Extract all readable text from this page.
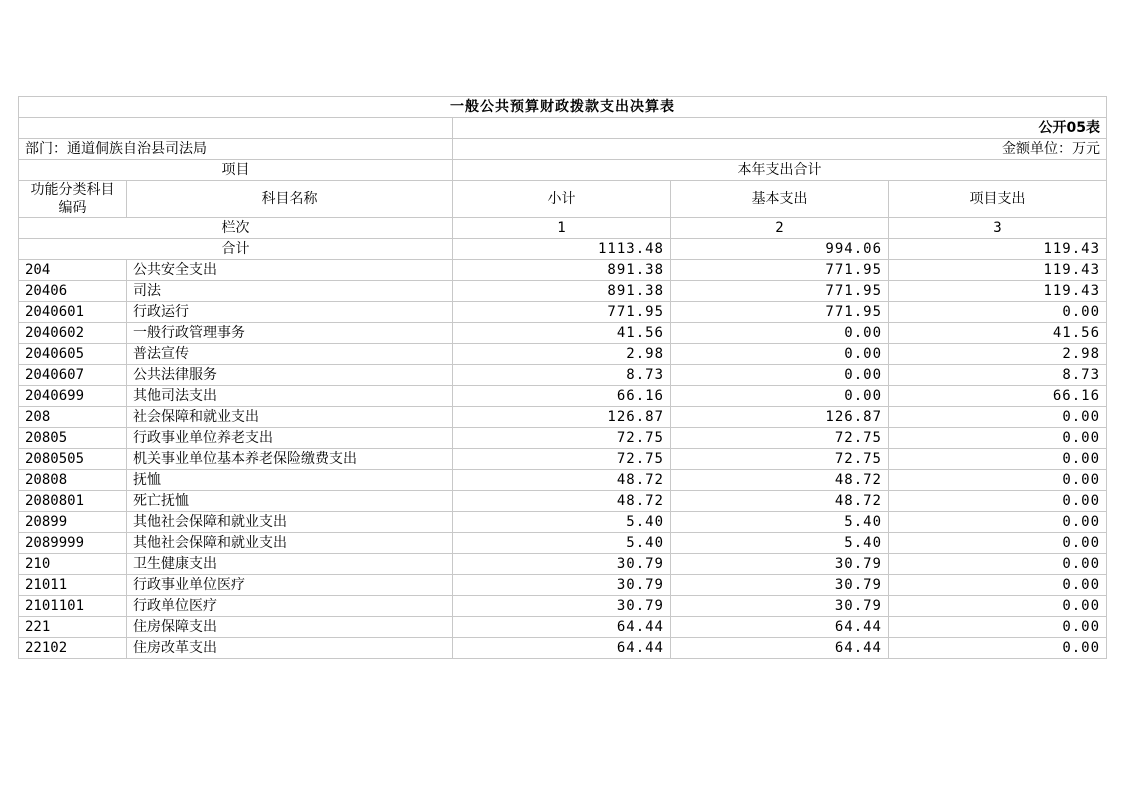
一般公共预算财政拨款支出决算表				
		公开05表		
部门：通道侗族自治县司法局		金额单位：万元		
项目		本年支出合计		
功能分类科目编码	科目名称	小计	基本支出	项目支出
栏次		1	2	3
合计		1113.48	994.06	119.43
204	公共安全支出	891.38	771.95	119.43
20406	司法	891.38	771.95	119.43
2040601	行政运行	771.95	771.95	0.00
2040602	一般行政管理事务	41.56	0.00	41.56
2040605	普法宣传	2.98	0.00	2.98
2040607	公共法律服务	8.73	0.00	8.73
2040699	其他司法支出	66.16	0.00	66.16
208	社会保障和就业支出	126.87	126.87	0.00
20805	行政事业单位养老支出	72.75	72.75	0.00
2080505	机关事业单位基本养老保险缴费支出	72.75	72.75	0.00
20808	抚恤	48.72	48.72	0.00
2080801	死亡抚恤	48.72	48.72	0.00
20899	其他社会保障和就业支出	5.40	5.40	0.00
2089999	其他社会保障和就业支出	5.40	5.40	0.00
210	卫生健康支出	30.79	30.79	0.00
21011	行政事业单位医疗	30.79	30.79	0.00
2101101	行政单位医疗	30.79	30.79	0.00
221	住房保障支出	64.44	64.44	0.00
22102	住房改革支出	64.44	64.44	0.00
